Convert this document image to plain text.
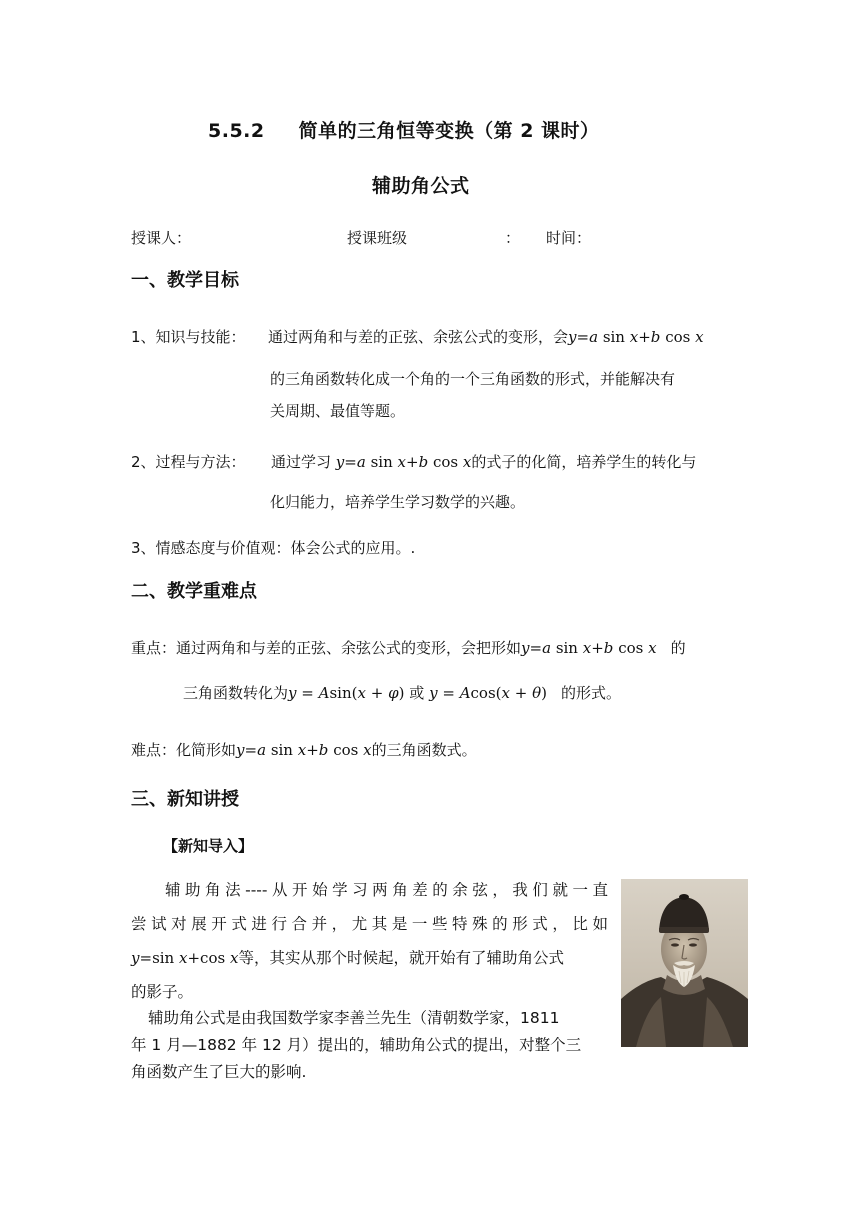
5.5.2 简单的三角恒等变换（第 2 课时）
辅助角公式
授课人：	授课班级	： 时间：
一、教学目标
1、知识与技能： 通过两角和与差的正弦、余弦公式的变形，会y=a sin x+b cos x
的三角函数转化成一个角的一个三角函数的形式，并能解决有
关周期、最值等题。
2、过程与方法： 通过学习 y=a sin x+b cos x的式子的化简，培养学生的转化与
化归能力，培养学生学习数学的兴趣。
3、情感态度与价值观：体会公式的应用。.
二、教学重难点
重点：通过两角和与差的正弦、余弦公式的变形，会把形如y=a sin x+b cos x 的
三角函数转化为y = Asin(x + φ) 或 y = Acos(x + θ) 的形式。
难点：化简形如y=a sin x+b cos x的三角函数式。
三、新知讲授
【新知导入】
辅助角法----从开始学习两角差的余弦，我们就一直
尝试对展开式进行合并，尤其是一些特殊的形式，比如
y=sin x+cos x等，其实从那个时候起，就开始有了辅助角公式
的影子。
辅助角公式是由我国数学家李善兰先生（清朝数学家，1811
年 1 月—1882 年 12 月）提出的，辅助角公式的提出，对整个三
角函数产生了巨大的影响.
